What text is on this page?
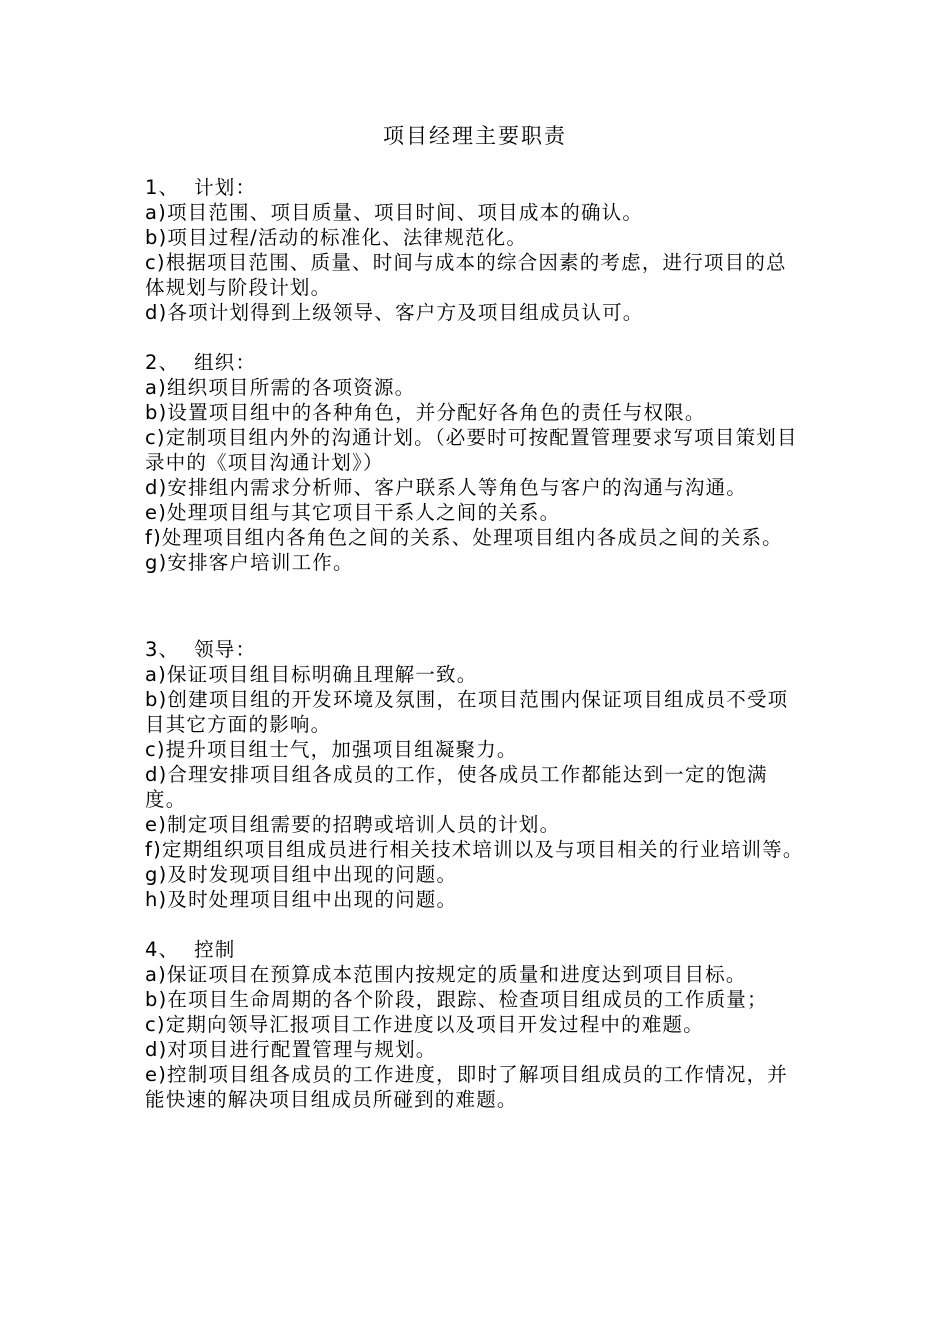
项目经理主要职责
1、  计划：
a)项目范围、项目质量、项目时间、项目成本的确认。
b)项目过程/活动的标准化、法律规范化。
c)根据项目范围、质量、时间与成本的综合因素的考虑，进行项目的总体规划与阶段计划。
d)各项计划得到上级领导、客户方及项目组成员认可。
2、  组织：
a)组织项目所需的各项资源。
b)设置项目组中的各种角色，并分配好各角色的责任与权限。
c)定制项目组内外的沟通计划。（必要时可按配置管理要求写项目策划目录中的《项目沟通计划》）
d)安排组内需求分析师、客户联系人等角色与客户的沟通与沟通。
e)处理项目组与其它项目干系人之间的关系。
f)处理项目组内各角色之间的关系、处理项目组内各成员之间的关系。
g)安排客户培训工作。
3、  领导：
a)保证项目组目标明确且理解一致。
b)创建项目组的开发环境及氛围，在项目范围内保证项目组成员不受项目其它方面的影响。
c)提升项目组士气，加强项目组凝聚力。
d)合理安排项目组各成员的工作，使各成员工作都能达到一定的饱满度。
e)制定项目组需要的招聘或培训人员的计划。
f)定期组织项目组成员进行相关技术培训以及与项目相关的行业培训等。
g)及时发现项目组中出现的问题。
h)及时处理项目组中出现的问题。
4、  控制
a)保证项目在预算成本范围内按规定的质量和进度达到项目目标。
b)在项目生命周期的各个阶段，跟踪、检查项目组成员的工作质量；
c)定期向领导汇报项目工作进度以及项目开发过程中的难题。
d)对项目进行配置管理与规划。
e)控制项目组各成员的工作进度，即时了解项目组成员的工作情况，并能快速的解决项目组成员所碰到的难题。
